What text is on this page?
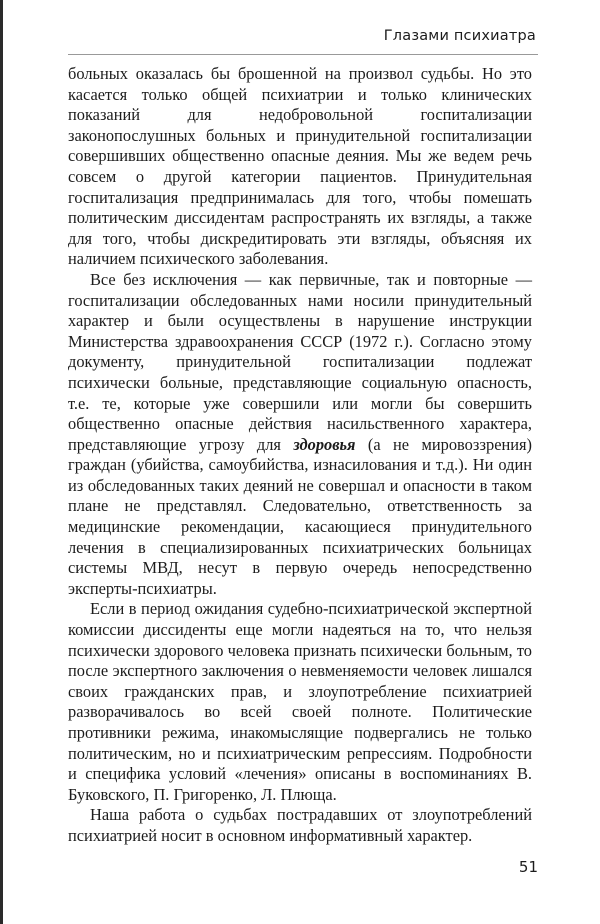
Глазами психиатра

больных оказалась бы брошенной на произвол судьбы. Но это касается только общей психиатрии и только клинических показаний для недобровольной госпитализации законопослушных больных и принудительной госпитализации совершивших общественно опасные деяния. Мы же ведем речь совсем о другой категории пациентов. Принудительная госпитализация предпринималась для того, чтобы помешать политическим диссидентам распространять их взгляды, а также для того, чтобы дискредитировать эти взгляды, объясняя их наличием психического заболевания.

Все без исключения — как первичные, так и повторные — госпитализации обследованных нами носили принудительный характер и были осуществлены в нарушение инструкции Министерства здравоохранения СССР (1972 г.). Согласно этому документу, принудительной госпитализации подлежат психически больные, представляющие социальную опасность, т.е. те, которые уже совершили или могли бы совершить общественно опасные действия насильственного характера, представляющие угрозу для здоровья (а не мировоззрения) граждан (убийства, самоубийства, изнасилования и т.д.). Ни один из обследованных таких деяний не совершал и опасности в таком плане не представлял. Следовательно, ответственность за медицинские рекомендации, касающиеся принудительного лечения в специализированных психиатрических больницах системы МВД, несут в первую очередь непосредственно эксперты-психиатры.

Если в период ожидания судебно-психиатрической экспертной комиссии диссиденты еще могли надеяться на то, что нельзя психически здорового человека признать психически больным, то после экспертного заключения о невменяемости человек лишался своих гражданских прав, и злоупотребление психиатрией разворачивалось во всей своей полноте. Политические противники режима, инакомыслящие подвергались не только политическим, но и психиатрическим репрессиям. Подробности и специфика условий «лечения» описаны в воспоминаниях В. Буковского, П. Григоренко, Л. Плюща.

Наша работа о судьбах пострадавших от злоупотреблений психиатрией носит в основном информативный характер.

51
